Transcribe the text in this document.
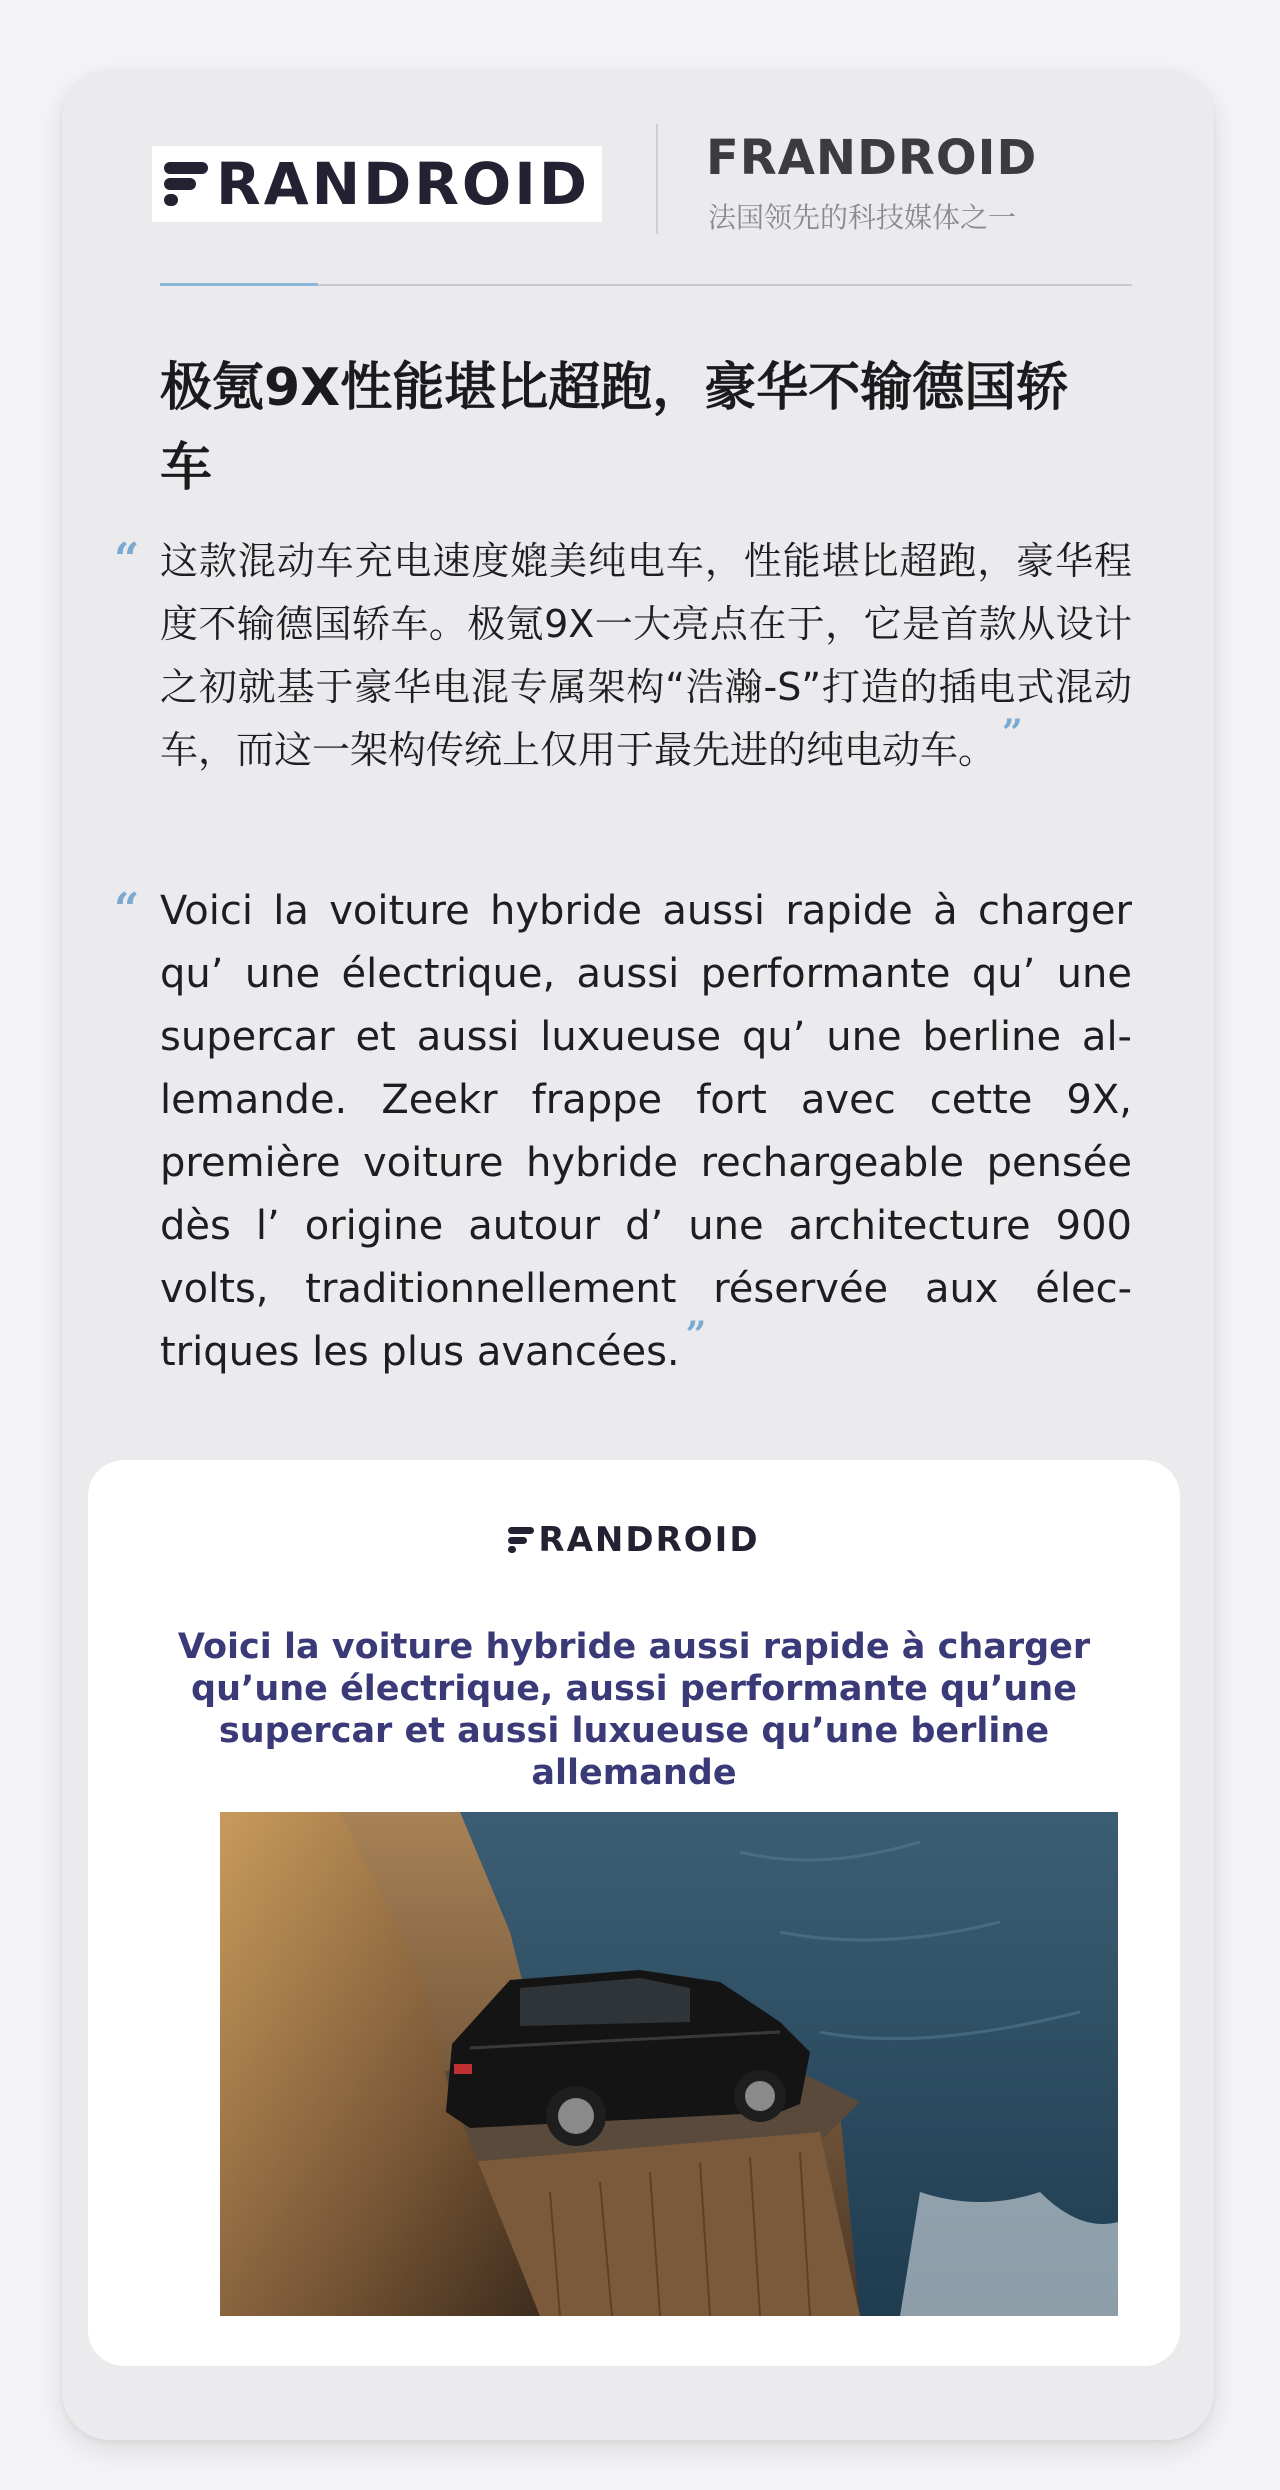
RANDROID FRANDROID
法国领先的科技媒体之一
极氪9X性能堪比超跑，豪华不输德国轿车
“ 这款混动车充电速度媲美纯电车，性能堪比超跑，豪华程度不输德国轿车。极氪9X一大亮点在于，它是首款从设计之初就基于豪华电混专属架构“浩瀚-S”打造的插电式混动车，而这一架构传统上仅用于最先进的纯电动车。 ”
“ Voici la voiture hybride aussi rapide à charger qu’ une électrique, aussi performante qu’ une supercar et aussi luxueuse qu’ une berline al-lemande. Zeekr frappe fort avec cette 9X, première voiture hybride rechargeable pensée dès l’ origine autour d’ une architecture 900 volts, traditionnellement réservée aux élec-triques les plus avancées. ”
RANDROID
Voici la voiture hybride aussi rapide à charger qu’une électrique, aussi performante qu’une supercar et aussi luxueuse qu’une berline allemande
